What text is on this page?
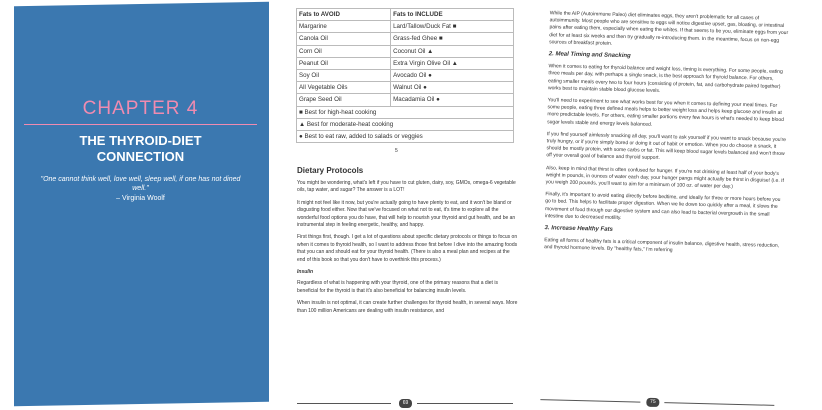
CHAPTER 4
THE THYROID-DIET
CONNECTION
"One cannot think well, love well, sleep well, if one has not dined well."
– Virginia Woolf
Fats to AVOID	Fats to INCLUDE
Margarine	Lard/Tallow/Duck Fat ■
Canola Oil	Grass-fed Ghee ■
Corn Oil	Coconut Oil ▲
Peanut Oil	Extra Virgin Olive Oil ▲
Soy Oil	Avocado Oil ●
All Vegetable Oils	Walnut Oil ●
Grape Seed Oil	Macadamia Oil ●
■ Best for high-heat cooking	
▲ Best for moderate-heat cooking	
● Best to eat raw, added to salads or veggies	
5
Dietary Protocols

You might be wondering, what's left if you have to cut gluten, dairy, soy, GMOs, omega-6 vegetable oils, tap water, and sugar? The answer is a LOT!

It might not feel like it now, but you're actually going to have plenty to eat, and it won't be bland or disgusting food either. Now that we've focused on what not to eat, it's time to explore all the wonderful food options you do have, that will help to nourish your thyroid and gut health, and be an instrumental step in feeling energetic, healthy, and happy.

First things first, though. I get a lot of questions about specific dietary protocols or things to focus on when it comes to thyroid health, so I want to address those first before I dive into the amazing foods that you can and should eat for your thyroid health. (There is also a meal plan and recipes at the end of this book so that you don't have to overthink this process.)

Insulin

Regardless of what is happening with your thyroid, one of the primary reasons that a diet is beneficial for the thyroid is that it's also beneficial for balancing insulin levels.

When insulin is not optimal, it can create further challenges for thyroid health, in several ways. More than 100 million Americans are dealing with insulin resistance, and

69

While the AIP (Autoimmune Paleo) diet eliminates eggs, they aren't problematic for all cases of autoimmunity. Most people who are sensitive to eggs will notice digestive upset, gas, bloating, or intestinal pains after eating them, especially when eating the whites. If that seems to be you, eliminate eggs from your diet for at least six weeks and then try gradually re-introducing them. In the meantime, focus on non-egg sources of breakfast protein.

2. Meal Timing and Snacking

When it comes to eating for thyroid balance and weight loss, timing is everything. For some people, eating three meals per day, with perhaps a single snack, is the best approach for thyroid balance. For others, eating smaller meals every two to four hours (consisting of protein, fat, and carbohydrate paired together) works best to maintain stable blood glucose levels.

You'll need to experiment to see what works best for you when it comes to defining your meal times. For some people, eating three defined meals helps to better weight loss and helps keep glucose and insulin at more predictable levels. For others, eating smaller portions every few hours is what's needed to keep blood sugar levels stable and energy levels balanced.

If you find yourself aimlessly snacking all day, you'll want to ask yourself if you want to snack because you're truly hungry, or if you're simply bored or doing it out of habit or emotion. When you do choose a snack, it should be mostly protein, with some carbs or fat. This will keep blood sugar levels balanced and won't throw off your overall goal of balance and thyroid support.

Also, keep in mind that thirst is often confused for hunger. If you're not drinking at least half of your body's weight in pounds, in ounces of water each day, your hunger pangs might actually be thirst in disguise! (i.e. If you weigh 200 pounds, you'll want to aim for a minimum of 100 oz. of water per day.)

Finally, it's important to avoid eating directly before bedtime, and ideally for three or more hours before you go to bed. This helps to facilitate proper digestion. When we lie down too quickly after a meal, it slows the movement of food through our digestive system and can also lead to bacterial overgrowth in the small intestine due to decreased motility.

3. Increase Healthy Fats

Eating all forms of healthy fats is a critical component of insulin balance, digestive health, stress reduction, and thyroid hormone levels. By "healthy fats," I'm referring

75
